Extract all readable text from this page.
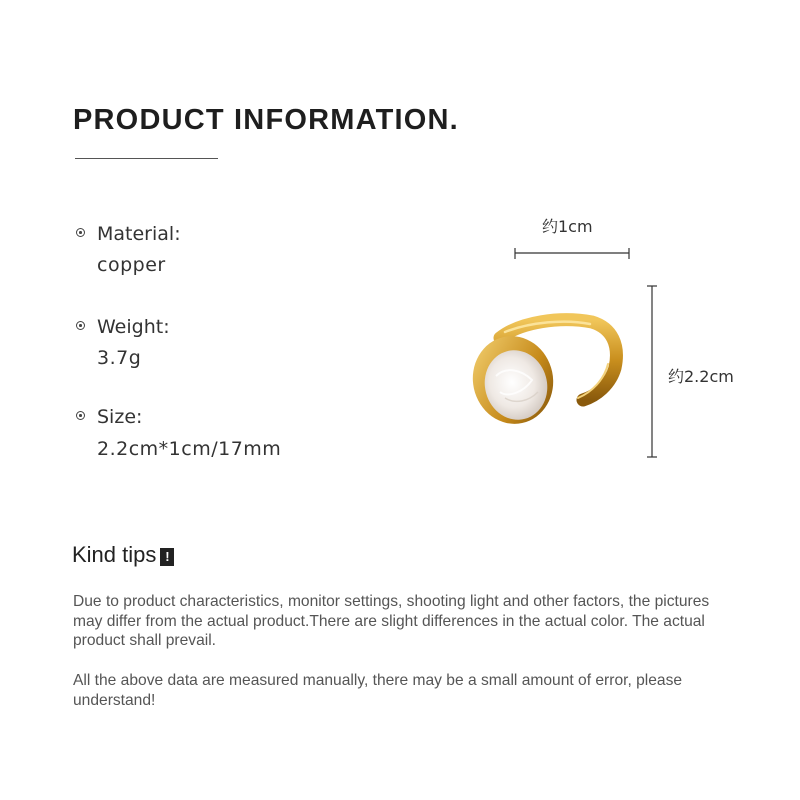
PRODUCT INFORMATION.
Material:
copper
Weight:
3.7g
Size:
2.2cm*1cm/17mm
约1cm
约2.2cm
Kind tips !

Due to product characteristics, monitor settings, shooting light and other factors, the pictures may differ from the actual product.There are slight differences in the actual color. The actual product shall prevail.

All the above data are measured manually, there may be a small amount of error, please understand!
